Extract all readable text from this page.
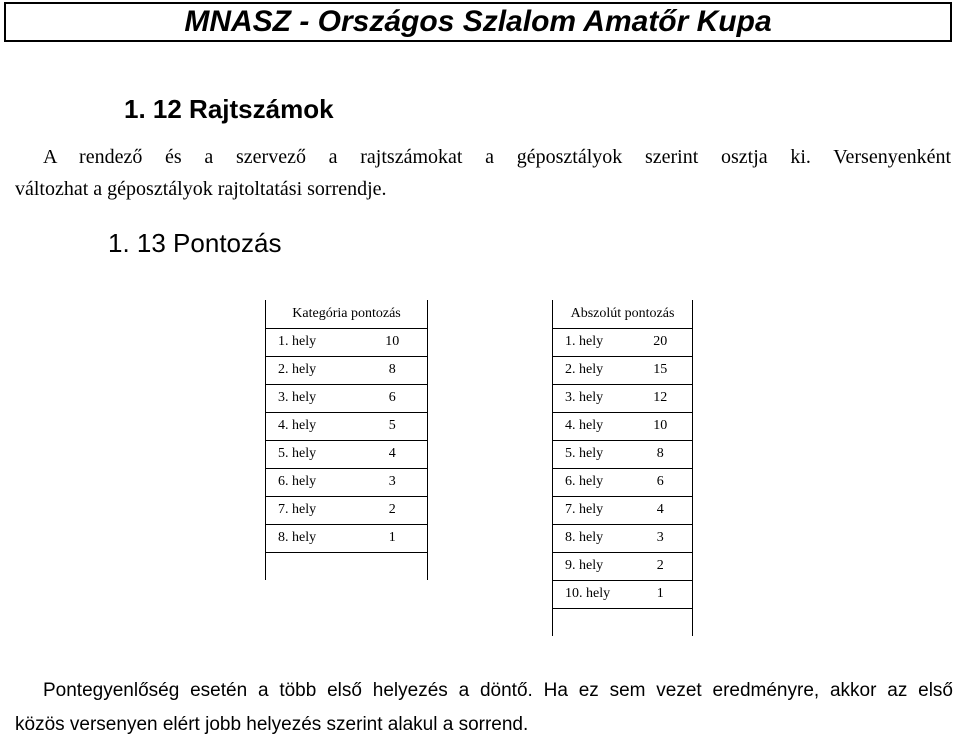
MNASZ - Országos Szlalom Amatőr Kupa
1. 12 Rajtszámok
A rendező és a szervező a rajtszámokat a géposztályok szerint osztja ki. Versenyenként
változhat a géposztályok rajtoltatási sorrendje.
1. 13 Pontozás
Kategória pontozás	
1. hely	10
2. hely	8
3. hely	6
4. hely	5
5. hely	4
6. hely	3
7. hely	2
8. hely	1

Abszolút pontozás	
1. hely	20
2. hely	15
3. hely	12
4. hely	10
5. hely	8
6. hely	6
7. hely	4
8. hely	3
9. hely	2
10. hely	1

Pontegyenlőség esetén a több első helyezés a döntő. Ha ez sem vezet eredményre, akkor az első
közös versenyen elért jobb helyezés szerint alakul a sorrend.
